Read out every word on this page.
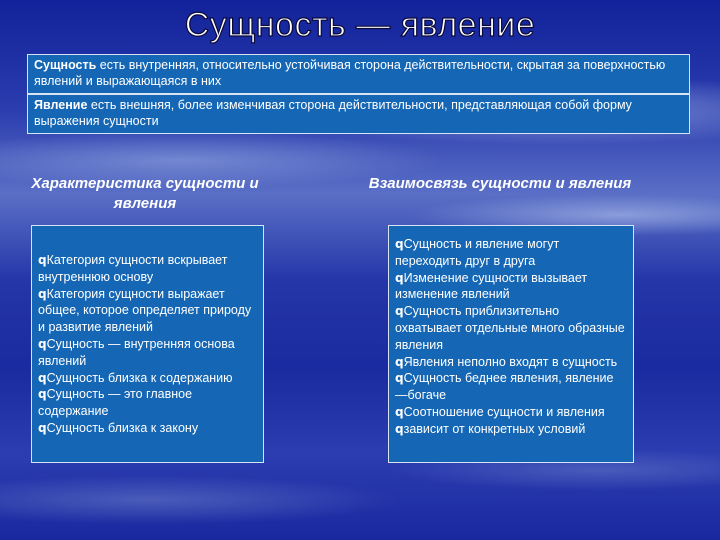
Сущность — явление
Сущность есть внутренняя, относительно устойчивая сторона действительности, скрытая за поверхностью явлений и выражающаяся в них
Явление есть внешняя, более изменчивая сторона действительности, представляющая собой форму выражения сущности
Характеристика сущности и явления
Взаимосвязь сущности и явления
qКатегория сущности вскрывает внутреннюю основу
qКатегория сущности выражает общее, которое определяет природу и развитие явлений
qСущность — внутренняя основа явлений
qСущность близка к содержанию
qСущность — это главное содержание
qСущность близка к закону
qСущность и явление могут переходить друг в друга
qИзменение сущности вызывает изменение явлений
qСущность приблизительно охватывает отдельные много образные явления
qЯвления неполно входят в сущность
qСущность беднее явления, явление —богаче
qСоотношение сущности и явления
qзависит от конкретных условий
